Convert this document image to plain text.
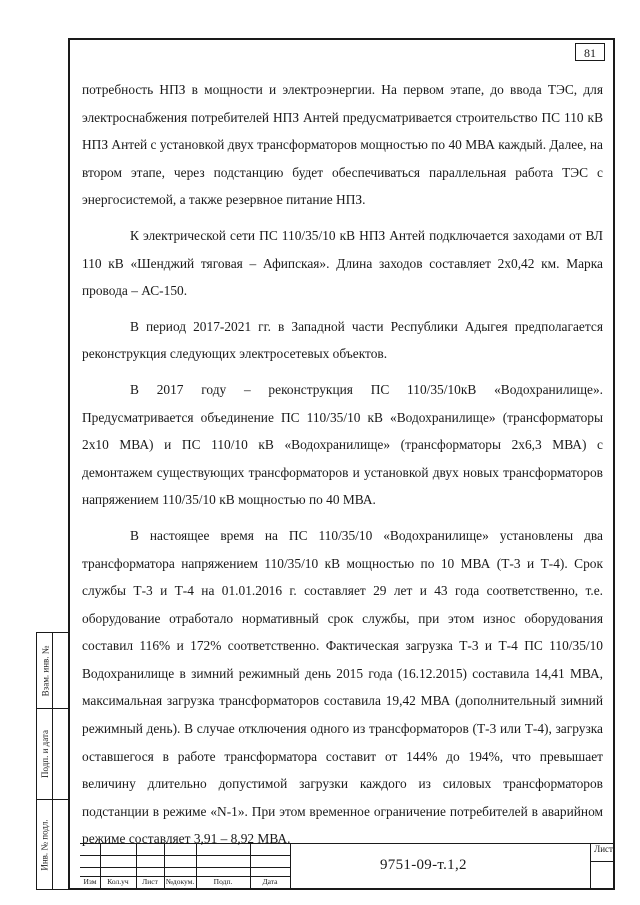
81

потребность НПЗ в мощности и электроэнергии. На первом этапе, до ввода ТЭС, для электроснабжения потребителей НПЗ Антей предусматривается строительство ПС 110 кВ НПЗ Антей с установкой двух трансформаторов мощностью по 40 МВА каждый. Далее, на втором этапе, через подстанцию будет обеспечиваться параллельная работа ТЭС с энергосистемой, а также резервное питание НПЗ.

К электрической сети ПС 110/35/10 кВ НПЗ Антей подключается заходами от ВЛ 110 кВ «Шенджий тяговая – Афипская». Длина заходов составляет 2х0,42 км. Марка провода – АС-150.

В период 2017-2021 гг. в Западной части Республики Адыгея предполагается реконструкция следующих электросетевых объектов.

В 2017 году – реконструкция ПС 110/35/10кВ «Водохранилище». Предусматривается объединение ПС 110/35/10 кВ «Водохранилище» (трансформаторы 2х10 МВА) и ПС 110/10 кВ «Водохранилище» (трансформаторы 2х6,3 МВА) с демонтажем существующих трансформаторов и установкой двух новых трансформаторов напряжением 110/35/10 кВ мощностью по 40 МВА.

В настоящее время на ПС 110/35/10 «Водохранилище» установлены два трансформатора напряжением 110/35/10 кВ мощностью по 10 МВА (Т-3 и Т-4). Срок службы Т-3 и Т-4 на 01.01.2016 г. составляет 29 лет и 43 года соответственно, т.е. оборудование отработало нормативный срок службы, при этом износ оборудования составил 116% и 172% соответственно. Фактическая загрузка Т-3 и Т-4 ПС 110/35/10 Водохранилище в зимний режимный день 2015 года (16.12.2015) составила 14,41 МВА, максимальная загрузка трансформаторов составила 19,42 МВА (дополнительный зимний режимный день). В случае отключения одного из трансформаторов (Т-3 или Т-4), загрузка оставшегося в работе трансформатора составит от 144% до 194%, что превышает величину длительно допустимой загрузки каждого из силовых трансформаторов подстанции в режиме «N-1». При этом временное ограничение потребителей в аварийном режиме составляет 3,91 – 8,92 МВА.

Взам. инв. №
Подп. и дата
Инв. № подл.
Изм	Кол.уч	Лист	№докум.	Подп.	Дата
9751-09-т.1,2
Лист
